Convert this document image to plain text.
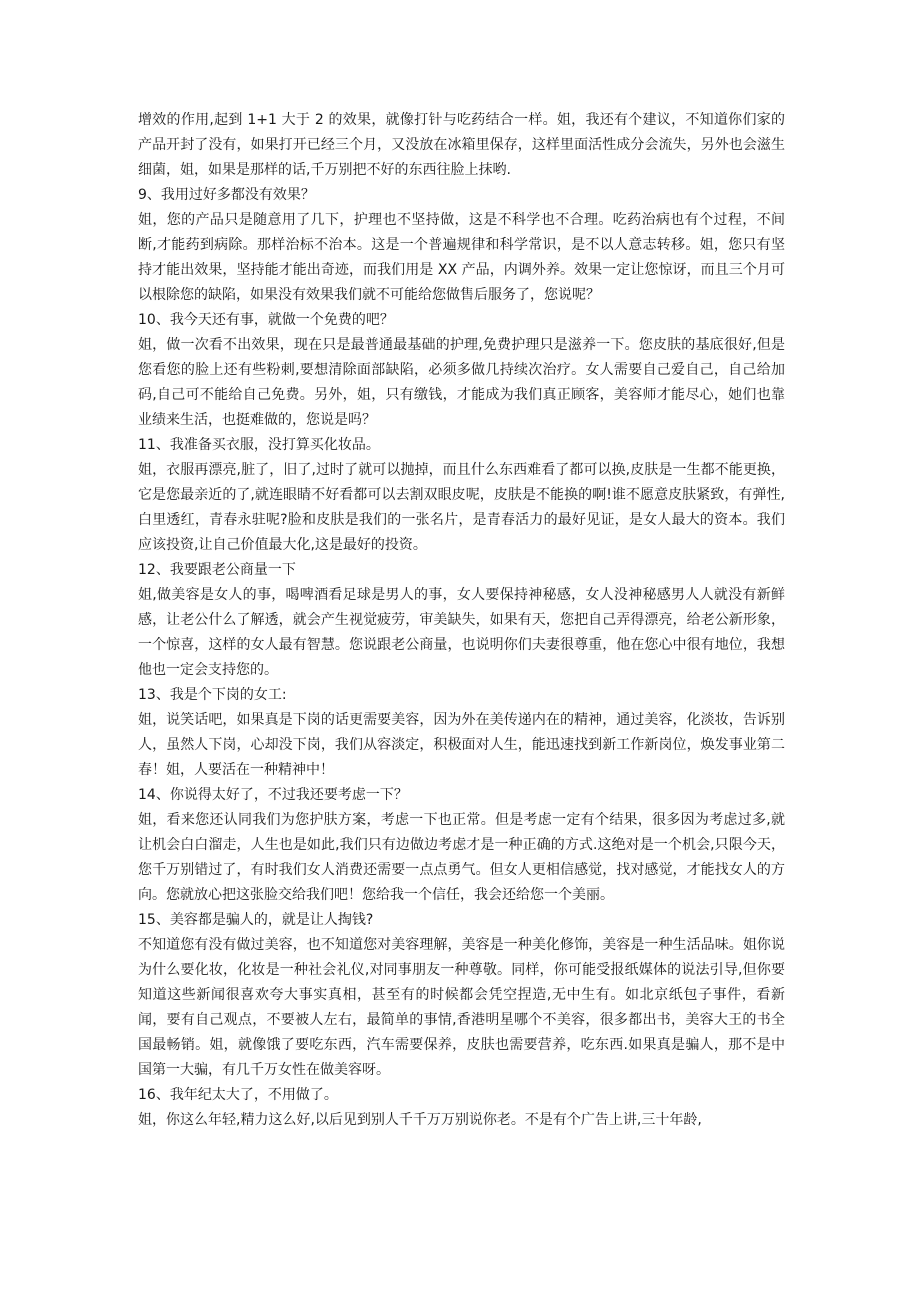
增效的作用,起到 1+1 大于 2 的效果，就像打针与吃药结合一样。姐，我还有个建议，不知道你们家的产品开封了没有，如果打开已经三个月，又没放在冰箱里保存，这样里面活性成分会流失，另外也会滋生细菌，姐，如果是那样的话,千万别把不好的东西往脸上抹哟.

9、我用过好多都没有效果？

姐，您的产品只是随意用了几下，护理也不坚持做，这是不科学也不合理。吃药治病也有个过程，不间断,才能药到病除。那样治标不治本。这是一个普遍规律和科学常识，是不以人意志转移。姐，您只有坚持才能出效果，坚持能才能出奇迹，而我们用是 XX 产品，内调外养。效果一定让您惊讶，而且三个月可以根除您的缺陷，如果没有效果我们就不可能给您做售后服务了，您说呢？

10、我今天还有事，就做一个免费的吧？

姐，做一次看不出效果，现在只是最普通最基础的护理,免费护理只是滋养一下。您皮肤的基底很好,但是您看您的脸上还有些粉刺,要想清除面部缺陷，必须多做几持续次治疗。女人需要自己爱自己，自己给加码,自己可不能给自己免费。另外，姐，只有缴钱，才能成为我们真正顾客，美容师才能尽心，她们也靠业绩来生活，也挺难做的，您说是吗？

11、我准备买衣服，没打算买化妆品。

姐，衣服再漂亮,脏了，旧了,过时了就可以抛掉，而且什么东西难看了都可以换,皮肤是一生都不能更换，它是您最亲近的了,就连眼睛不好看都可以去割双眼皮呢，皮肤是不能换的啊!谁不愿意皮肤紧致，有弹性,白里透红，青春永驻呢?脸和皮肤是我们的一张名片，是青春活力的最好见证，是女人最大的资本。我们应该投资,让自己价值最大化,这是最好的投资。

12、我要跟老公商量一下

姐,做美容是女人的事，喝啤酒看足球是男人的事，女人要保持神秘感，女人没神秘感男人人就没有新鲜感，让老公什么了解透，就会产生视觉疲劳，审美缺失，如果有天，您把自己弄得漂亮，给老公新形象，一个惊喜，这样的女人最有智慧。您说跟老公商量，也说明你们夫妻很尊重，他在您心中很有地位，我想他也一定会支持您的。

13、我是个下岗的女工:

姐，说笑话吧，如果真是下岗的话更需要美容，因为外在美传递内在的精神，通过美容，化淡妆，告诉别人，虽然人下岗，心却没下岗，我们从容淡定，积极面对人生，能迅速找到新工作新岗位，焕发事业第二春！姐，人要活在一种精神中！

14、你说得太好了，不过我还要考虑一下？

姐，看来您还认同我们为您护肤方案，考虑一下也正常。但是考虑一定有个结果，很多因为考虑过多,就让机会白白溜走，人生也是如此,我们只有边做边考虑才是一种正确的方式.这绝对是一个机会,只限今天，您千万别错过了，有时我们女人消费还需要一点点勇气。但女人更相信感觉，找对感觉，才能找女人的方向。您就放心把这张脸交给我们吧！您给我一个信任，我会还给您一个美丽。

15、美容都是骗人的，就是让人掏钱?

不知道您有没有做过美容，也不知道您对美容理解，美容是一种美化修饰，美容是一种生活品味。姐你说为什么要化妆，化妆是一种社会礼仪,对同事朋友一种尊敬。同样，你可能受报纸媒体的说法引导,但你要知道这些新闻很喜欢夸大事实真相，甚至有的时候都会凭空捏造,无中生有。如北京纸包子事件，看新闻，要有自己观点，不要被人左右，最简单的事情,香港明星哪个不美容，很多都出书，美容大王的书全国最畅销。姐，就像饿了要吃东西，汽车需要保养，皮肤也需要营养，吃东西.如果真是骗人，那不是中国第一大骗，有几千万女性在做美容呀。

16、我年纪太大了，不用做了。

姐，你这么年轻,精力这么好,以后见到别人千千万万别说你老。不是有个广告上讲,三十年龄,
